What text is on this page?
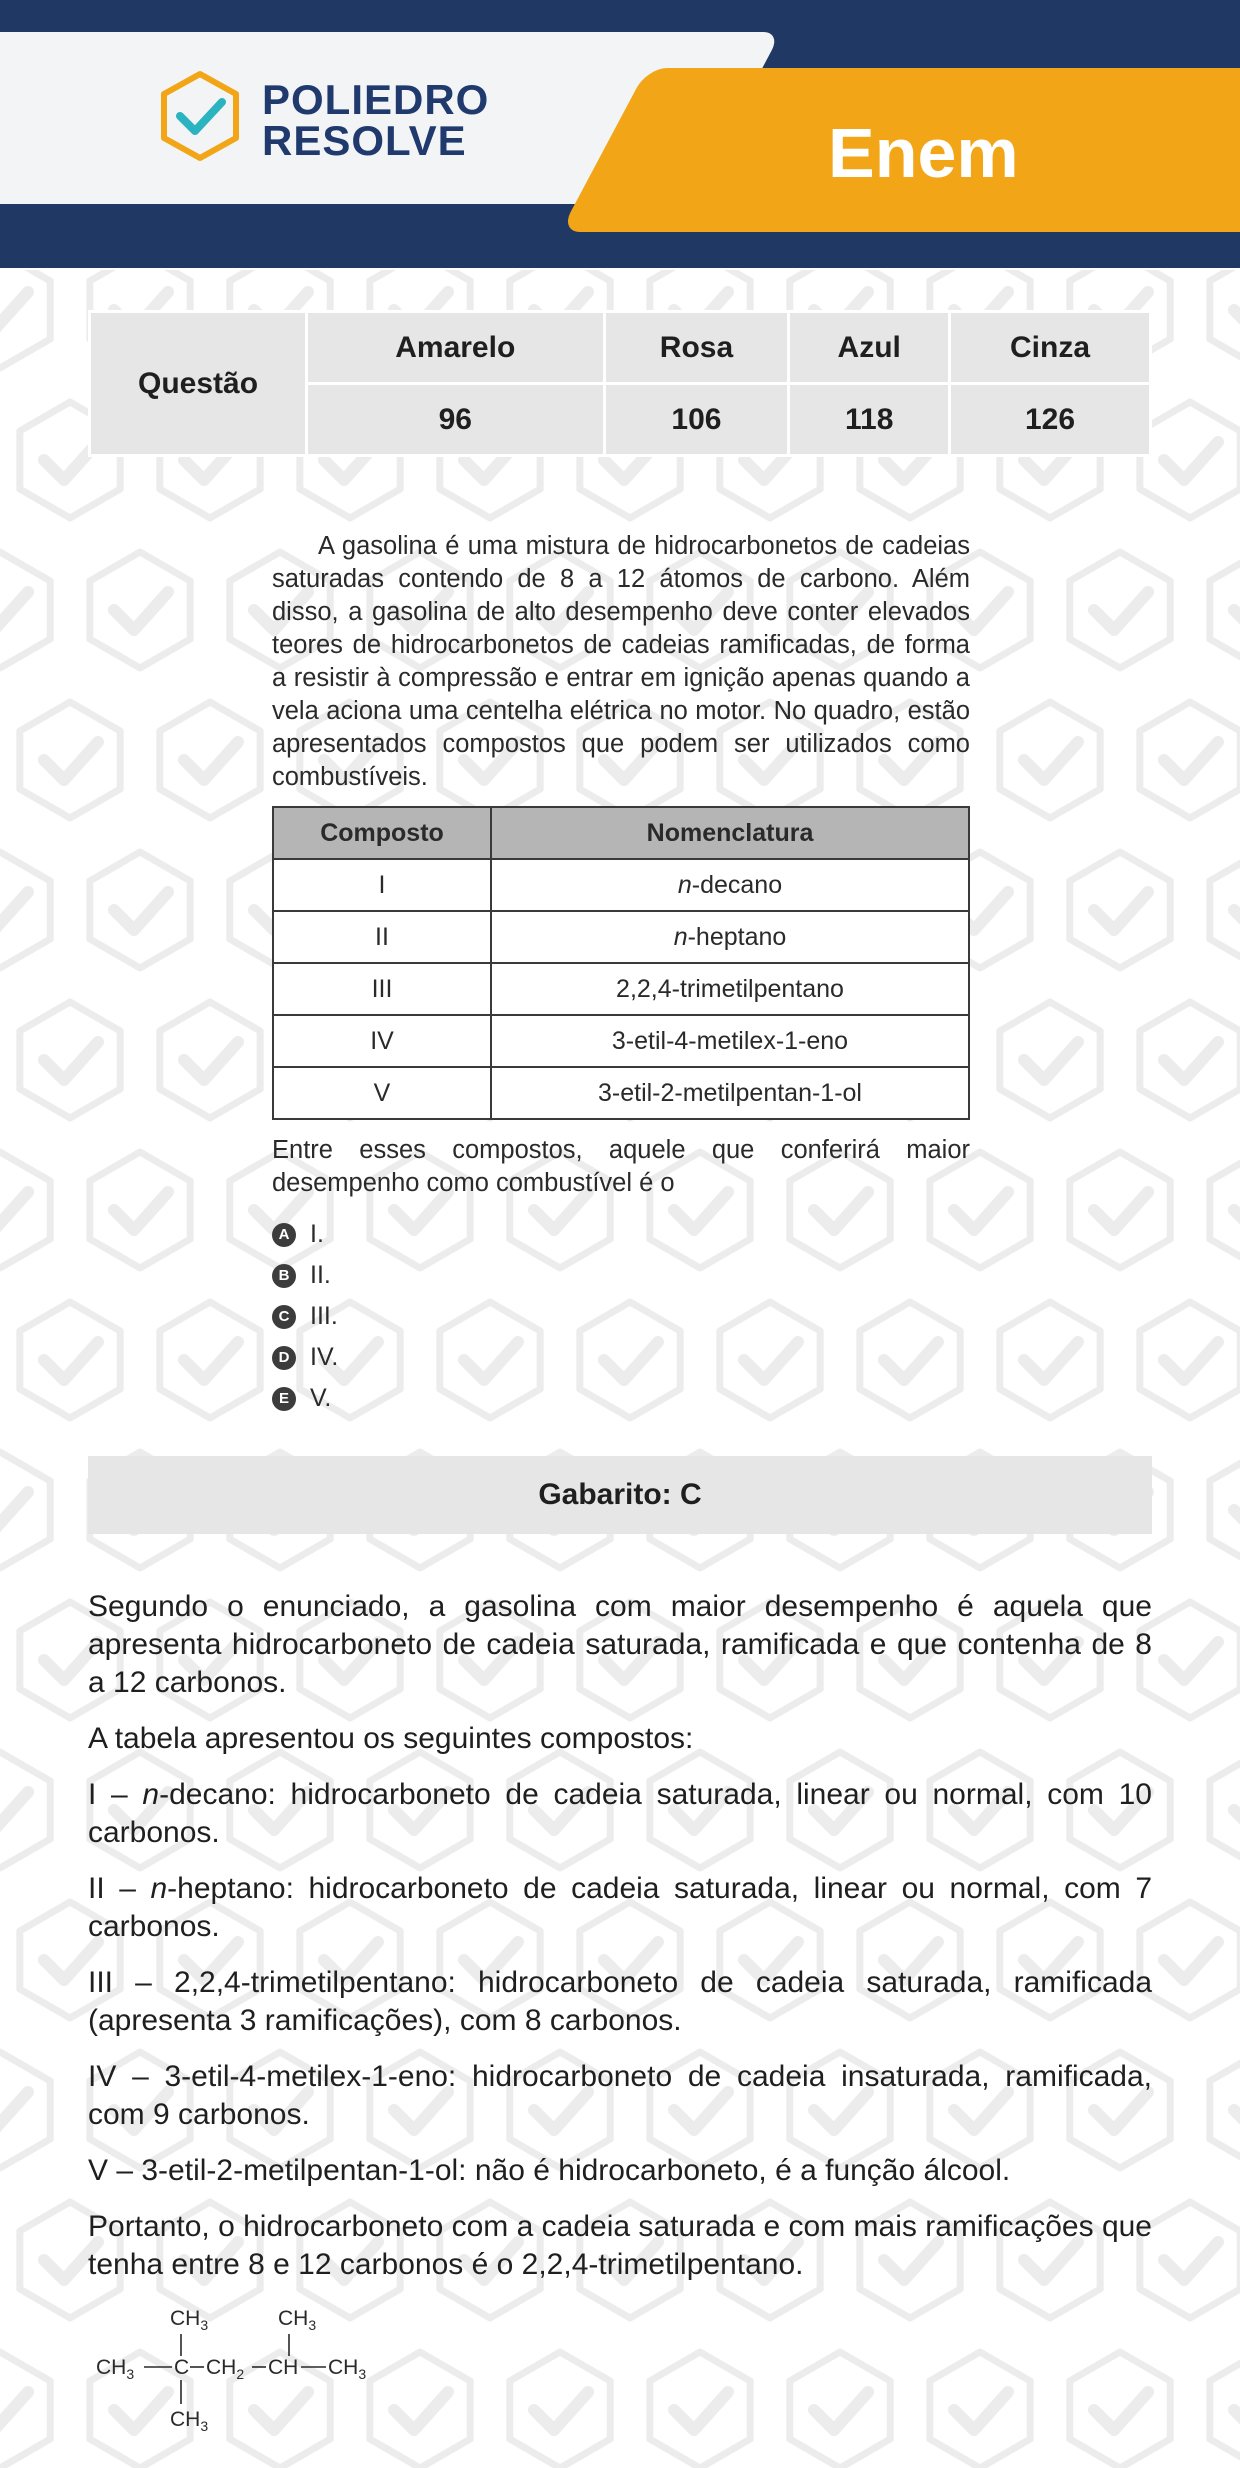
POLIEDRO
RESOLVE	Enem
Questão	Amarelo	Rosa	Azul	Cinza
	96	106	118	126

A gasolina é uma mistura de hidrocarbonetos de cadeias saturadas contendo de 8 a 12 átomos de carbono. Além disso, a gasolina de alto desempenho deve conter elevados teores de hidrocarbonetos de cadeias ramificadas, de forma a resistir à compressão e entrar em ignição apenas quando a vela aciona uma centelha elétrica no motor. No quadro, estão apresentados compostos que podem ser utilizados como combustíveis.

Composto	Nomenclatura
I	n-decano
II	n-heptano
III	2,2,4-trimetilpentano
IV	3-etil-4-metilex-1-eno
V	3-etil-2-metilpentan-1-ol

Entre esses compostos, aquele que conferirá maior desempenho como combustível é o

A I.
B II.
C III.
D IV.
E V.
Gabarito: C

Segundo o enunciado, a gasolina com maior desempenho é aquela que apresenta hidrocarboneto de cadeia saturada, ramificada e que contenha de 8 a 12 carbonos.

A tabela apresentou os seguintes compostos:

I – n-decano: hidrocarboneto de cadeia saturada, linear ou normal, com 10 carbonos.

II – n-heptano: hidrocarboneto de cadeia saturada, linear ou normal, com 7 carbonos.

III – 2,2,4-trimetilpentano: hidrocarboneto de cadeia saturada, ramificada (apresenta 3 ramificações), com 8 carbonos.

IV – 3-etil-4-metilex-1-eno: hidrocarboneto de cadeia insaturada, ramificada, com 9 carbonos.

V – 3-etil-2-metilpentan-1-ol: não é hidrocarboneto, é a função álcool.

Portanto, o hidrocarboneto com a cadeia saturada e com mais ramificações que tenha entre 8 e 12 carbonos é o 2,2,4-trimetilpentano.

$CH_3$	$CH_3$
$CH_3$ C $CH_2$ CH $CH_3$
$CH_3$
